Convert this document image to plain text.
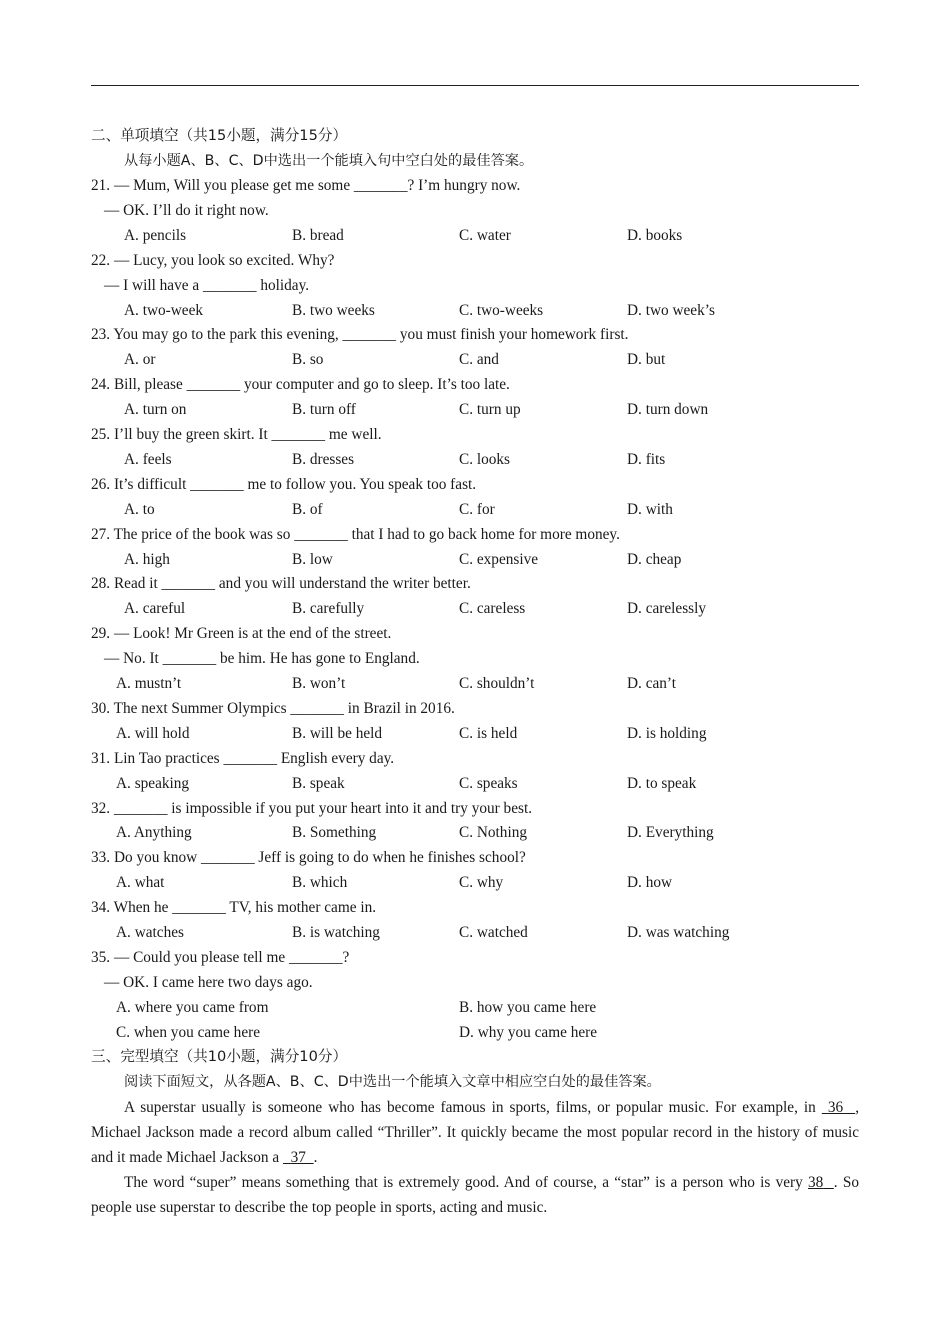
二、单项填空（共15小题，满分15分）
从每小题A、B、C、D中选出一个能填入句中空白处的最佳答案。
21. — Mum, Will you please get me some _______? I’m hungry now.
— OK. I’ll do it right now.
A. pencils	B. bread	C. water	D. books
22. — Lucy, you look so excited. Why?
— I will have a _______ holiday.
A. two-week	B. two weeks	C. two-weeks	D. two week’s
23. You may go to the park this evening, _______ you must finish your homework first.
A. or	B. so	C. and	D. but
24. Bill, please _______ your computer and go to sleep. It’s too late.
A. turn on	B. turn off	C. turn up	D. turn down
25. I’ll buy the green skirt. It _______ me well.
A. feels	B. dresses	C. looks	D. fits
26. It’s difficult _______ me to follow you. You speak too fast.
A. to	B. of	C. for	D. with
27. The price of the book was so _______ that I had to go back home for more money.
A. high	B. low	C. expensive	D. cheap
28. Read it _______ and you will understand the writer better.
A. careful	B. carefully	C. careless	D. carelessly
29. — Look! Mr Green is at the end of the street.
— No. It _______ be him. He has gone to England.
A. mustn’t	B. won’t	C. shouldn’t	D. can’t
30. The next Summer Olympics _______ in Brazil in 2016.
A. will hold	B. will be held	C. is held	D. is holding
31. Lin Tao practices _______ English every day.
A. speaking	B. speak	C. speaks	D. to speak
32. _______ is impossible if you put your heart into it and try your best.
A. Anything	B. Something	C. Nothing	D. Everything
33. Do you know _______ Jeff is going to do when he finishes school?
A. what	B. which	C. why	D. how
34. When he _______ TV, his mother came in.
A. watches	B. is watching	C. watched	D. was watching
35. — Could you please tell me _______?
— OK. I came here two days ago.
A. where you came from	B. how you came here
C. when you came here	D. why you came here
三、完型填空（共10小题，满分10分）
阅读下面短文，从各题A、B、C、D中选出一个能填入文章中相应空白处的最佳答案。
A superstar usually is someone who has become famous in sports, films, or popular music. For example, in 36 , Michael Jackson made a record album called “Thriller”. It quickly became the most popular record in the history of music and it made Michael Jackson a 37 .
The word “super” means something that is extremely good. And of course, a “star” is a person who is very 38 . So people use superstar to describe the top people in sports, acting and music.
